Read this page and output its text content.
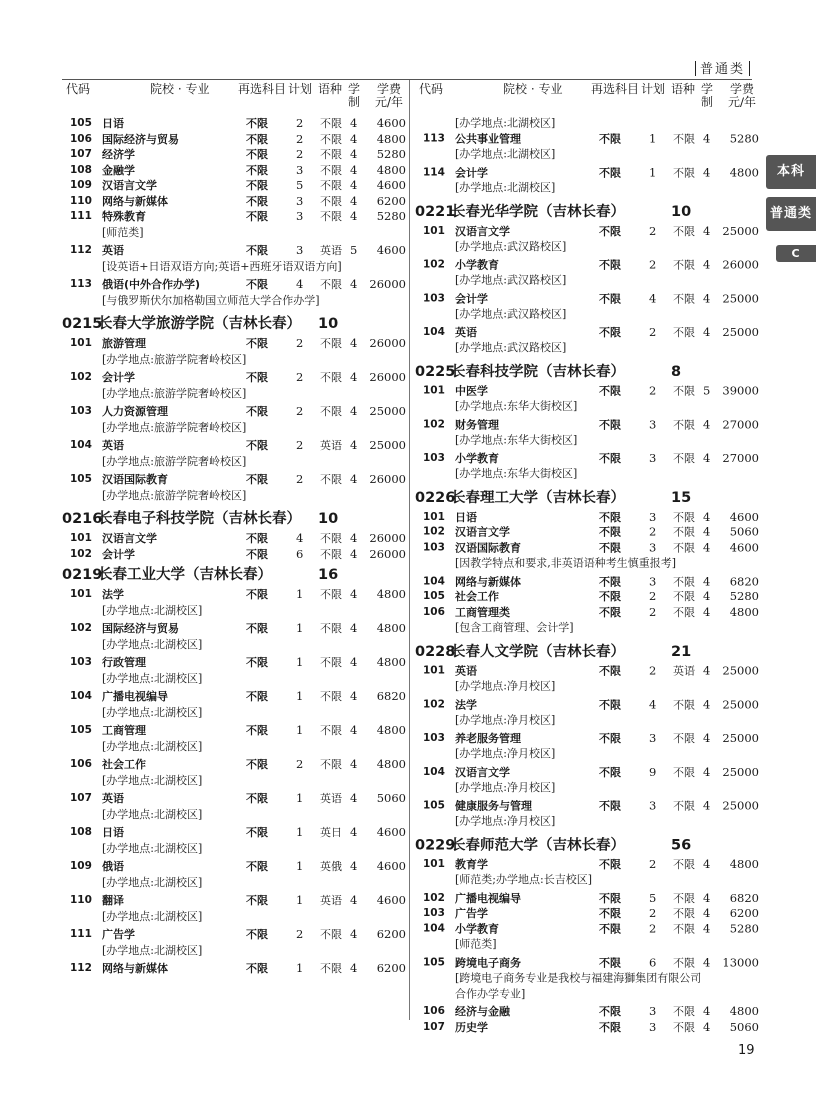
普通类
代码	院校 · 专业 再选科目 计划 语种 学制
学费元/年
105 日语	不限 2 不限 4	4600
106 国际经济与贸易	不限 2 不限 4	4800
107 经济学	不限 2 不限 4	5280
108 金融学	不限 3 不限 4	4800
109 汉语言文学	不限 5 不限 4	4600
110 网络与新媒体	不限 3 不限 4	6200
111 特殊教育	不限 3 不限 4	5280
[师范类]
112 英语	不限 3 英语 5	4600
[设英语+日语双语方向;英语+西班牙语双语方向]
113 俄语(中外合作办学)	不限 4 不限 4 26000
[与俄罗斯伏尔加格勒国立师范大学合作办学]
0215长春大学旅游学院（吉林长春） 10
101 旅游管理	不限 2 不限 4 26000
[办学地点:旅游学院奢岭校区]
102 会计学	不限 2 不限 4 26000
[办学地点:旅游学院奢岭校区]
103 人力资源管理	不限 2 不限 4 25000
[办学地点:旅游学院奢岭校区]
104 英语	不限 2 英语 4 25000
[办学地点:旅游学院奢岭校区]
105 汉语国际教育	不限 2 不限 4 26000
[办学地点:旅游学院奢岭校区]
0216长春电子科技学院（吉林长春） 10
101 汉语言文学	不限 4 不限 4 26000
102 会计学	不限 6 不限 4 26000
0219长春工业大学（吉林长春）	16
101 法学	不限 1 不限 4	4800
[办学地点:北湖校区]
102 国际经济与贸易	不限 1 不限 4	4800
[办学地点:北湖校区]
103 行政管理	不限 1 不限 4	4800
[办学地点:北湖校区]
104 广播电视编导	不限 1 不限 4	6820
[办学地点:北湖校区]
105 工商管理	不限 1 不限 4	4800
[办学地点:北湖校区]
106 社会工作	不限 2 不限 4	4800
[办学地点:北湖校区]
107 英语	不限 1 英语 4	5060
[办学地点:北湖校区]
108 日语	不限 1 英日 4	4600
[办学地点:北湖校区]
109 俄语	不限 1 英俄 4	4600
[办学地点:北湖校区]
110 翻译	不限 1 英语 4	4600
[办学地点:北湖校区]
111 广告学	不限 2 不限 4	6200
[办学地点:北湖校区]
112 网络与新媒体	不限 1 不限 4	6200
代码	院校 · 专业 再选科目 计划 语种 学制
学费元/年
[办学地点:北湖校区]
113 公共事业管理	不限 1 不限 4	5280
[办学地点:北湖校区]
114 会计学	不限 1 不限 4	4800
[办学地点:北湖校区]
0221长春光华学院（吉林长春）	10
101 汉语言文学	不限 2 不限 4 25000
[办学地点:武汉路校区]
102 小学教育	不限 2 不限 4 26000
[办学地点:武汉路校区]
103 会计学	不限 4 不限 4 25000
[办学地点:武汉路校区]
104 英语	不限 2 不限 4 25000
[办学地点:武汉路校区]
0225长春科技学院（吉林长春）	8
101 中医学	不限 2 不限 5 39000
[办学地点:东华大街校区]
102 财务管理	不限 3 不限 4 27000
[办学地点:东华大街校区]
103 小学教育	不限 3 不限 4 27000
[办学地点:东华大街校区]
0226长春理工大学（吉林长春）	15
101 日语	不限 3 不限 4	4600
102 汉语言文学	不限 2 不限 4	5060
103 汉语国际教育	不限 3 不限 4	4600
[因教学特点和要求,非英语语种考生慎重报考]
104 网络与新媒体	不限 3 不限 4	6820
105 社会工作	不限 2 不限 4	5280
106 工商管理类	不限 2 不限 4	4800
[包含工商管理、会计学]
0228长春人文学院（吉林长春）	21
101 英语	不限 2 英语 4 25000
[办学地点:净月校区]
102 法学	不限 4 不限 4 25000
[办学地点:净月校区]
103 养老服务管理	不限 3 不限 4 25000
[办学地点:净月校区]
104 汉语言文学	不限 9 不限 4 25000
[办学地点:净月校区]
105 健康服务与管理	不限 3 不限 4 25000
[办学地点:净月校区]
0229长春师范大学（吉林长春）	56
101 教育学	不限 2 不限 4	4800
[师范类;办学地点:长吉校区]
102 广播电视编导	不限 5 不限 4	6820
103 广告学	不限 2 不限 4	6200
104 小学教育	不限 2 不限 4	5280
[师范类]
105 跨境电子商务	不限 6 不限 4 13000
[跨境电子商务专业是我校与福建海獅集团有限公司合作办学专业]
106 经济与金融	不限 3 不限 4	4800
107 历史学	不限 3 不限 4	5060
本科
普通类
C
19
